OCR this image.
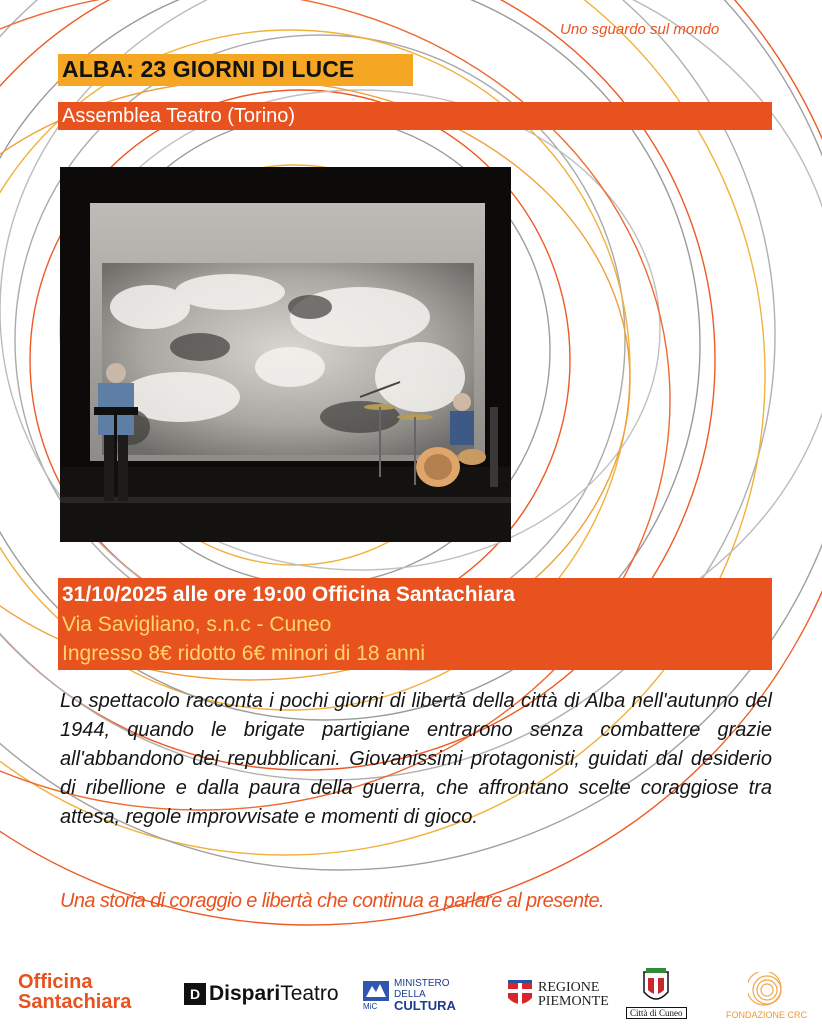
Uno sguardo sul mondo
ALBA: 23 GIORNI DI LUCE
Assemblea Teatro (Torino)
31/10/2025 alle ore 19:00 Officina Santachiara
Via Savigliano, s.n.c - Cuneo
Ingresso 8€ ridotto 6€ minori di 18 anni

Lo spettacolo racconta i pochi giorni di libertà della città di Alba nell'autunno del 1944, quando le brigate partigiane entrarono senza combattere grazie all'abbandono dei repubblicani. Giovanissimi protagonisti, guidati dal desiderio di ribellione e dalla paura della guerra, che affrontano scelte coraggiose tra attesa, regole improvvisate e momenti di gioco.

Una storia di coraggio e libertà che continua a parlare al presente.
Officina
Santachiara	D Dispari Teatro
MiC
MINISTERO
DELLA
CULTURA
REGIONE
PIEMONTE
Città di Cuneo	FONDAZIONE CRC
